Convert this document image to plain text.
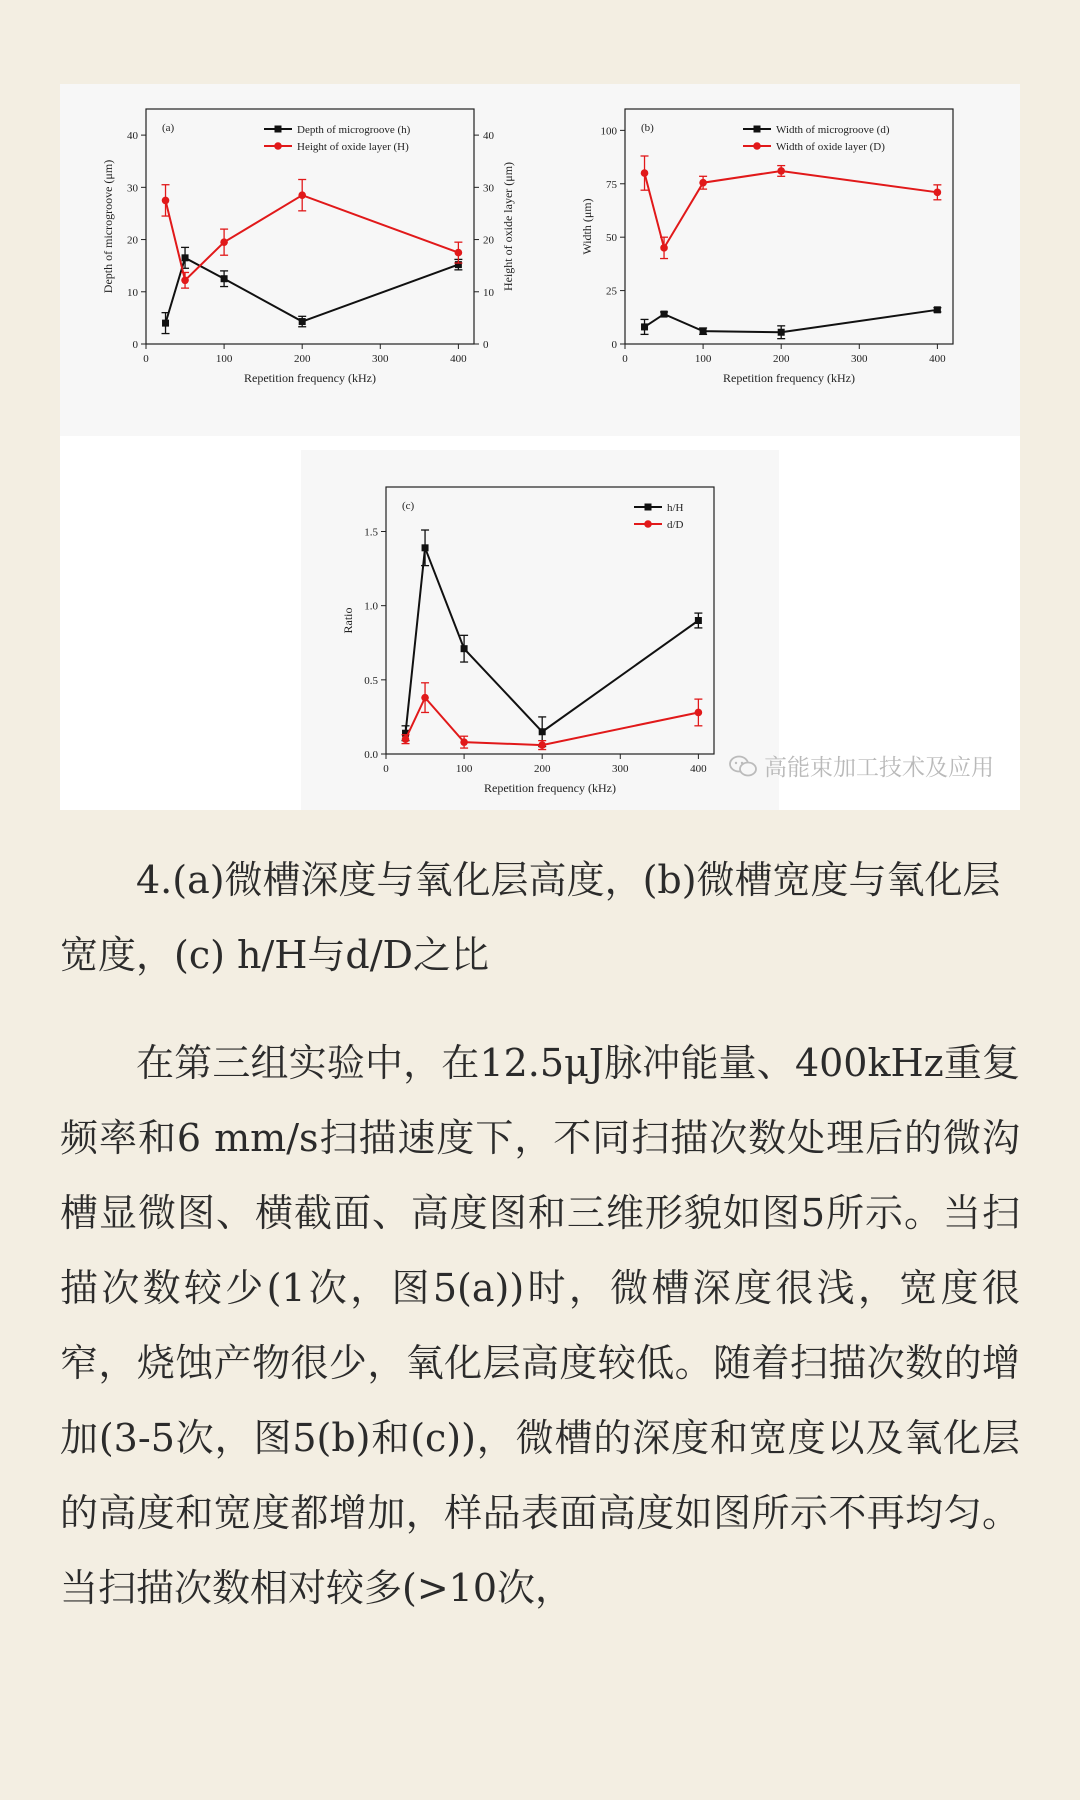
0	100	200	300	400
0	0
10	10
20	20
30	30
40	40
Repetition frequency (kHz)
Depth of microgroove (μm)	Height of oxide layer (μm)
(a)	Depth of microgroove (h)
Height of oxide layer (H)
0	100	200	300	400
0
25
50
75
100
Repetition frequency (kHz)
Width (μm)
(b)	Width of microgroove (d)
Width of oxide layer (D)
0	100	200	300	400
0.0
0.5
1.0
1.5
Repetition frequency (kHz)
Ratio
(c)	h/H
d/D
高能束加工技术及应用

4.(a)微槽深度与氧化层高度，(b)微槽宽度与氧化层宽度，(c) h/H与d/D之比

在第三组实验中，在12.5μJ脉冲能量、400kHz重复频率和6 mm/s扫描速度下，不同扫描次数处理后的微沟槽显微图、横截面、高度图和三维形貌如图5所示。当扫描次数较少(1次，图5(a))时，微槽深度很浅，宽度很窄，烧蚀产物很少，氧化层高度较低。随着扫描次数的增加(3-5次，图5(b)和(c))，微槽的深度和宽度以及氧化层的高度和宽度都增加，样品表面高度如图所示不再均匀。当扫描次数相对较多(>10次，
